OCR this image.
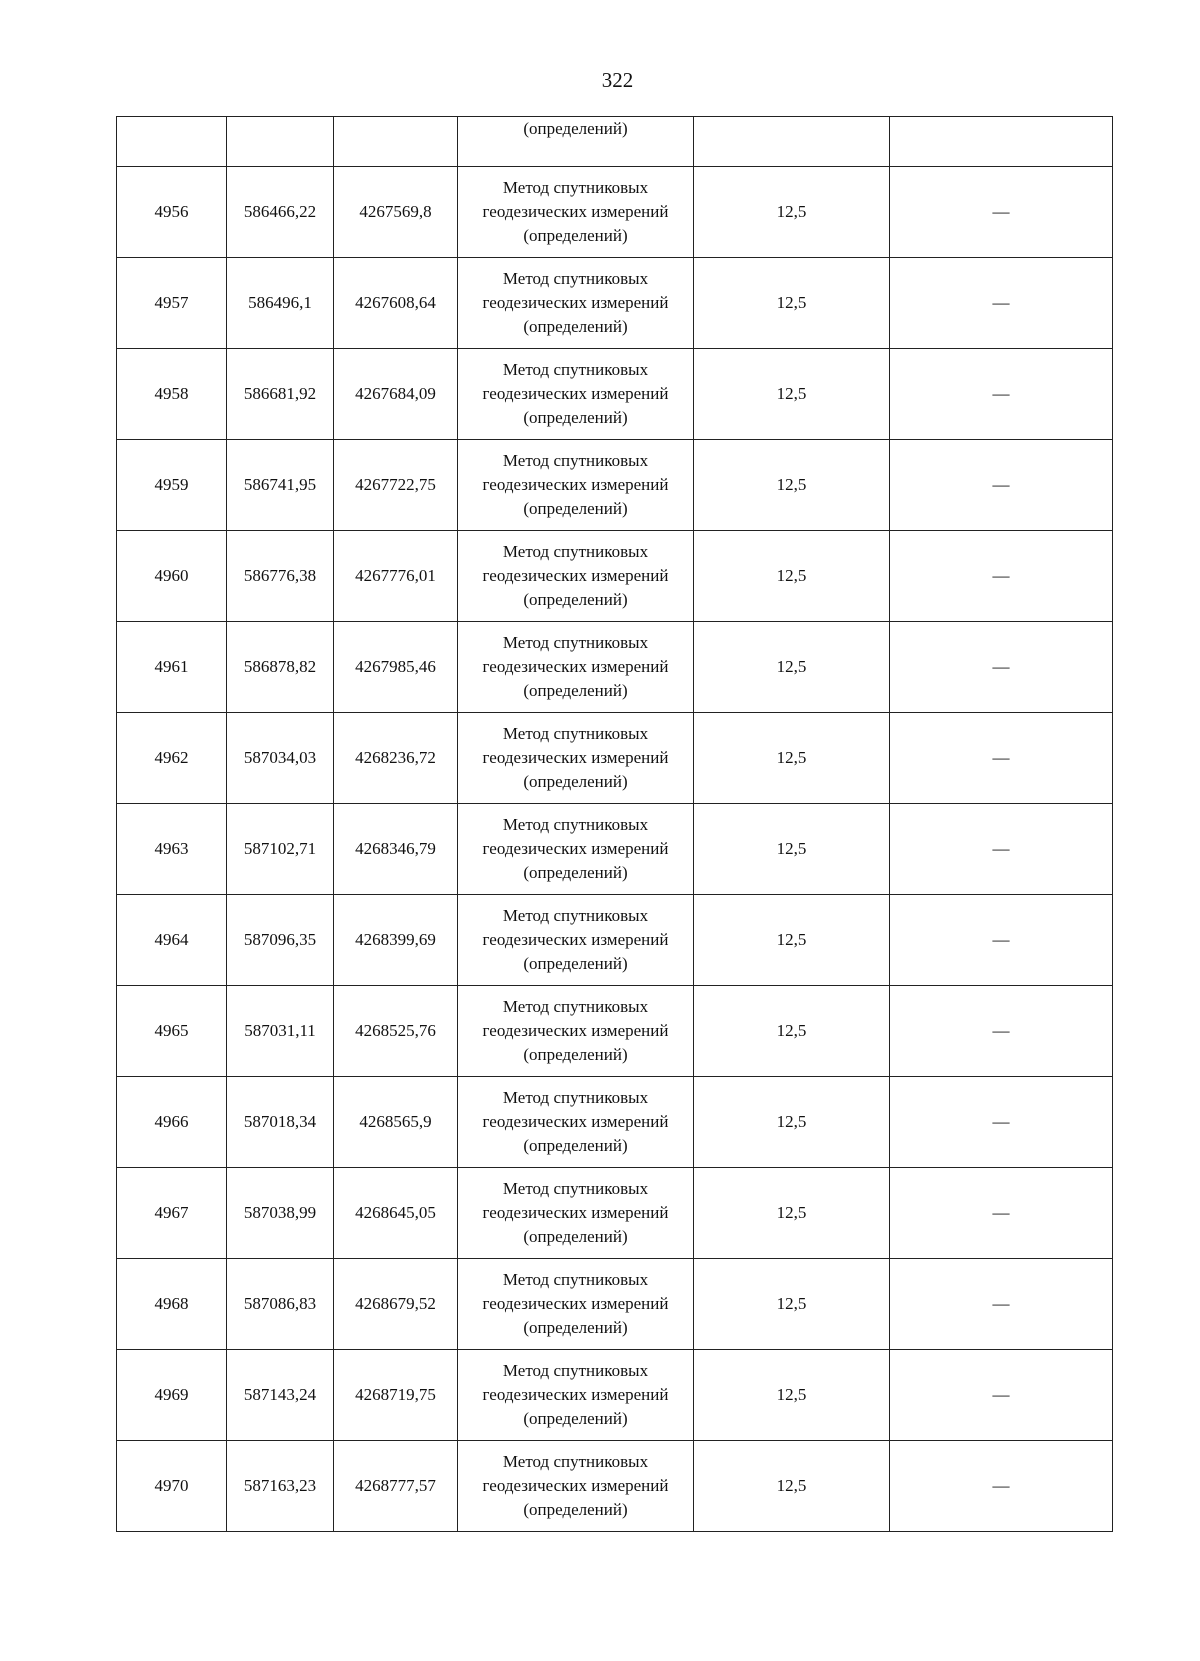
322
			(определений)		
4956	586466,22	4267569,8	Метод спутниковых
геодезических измерений
(определений)	12,5	—
4957	586496,1	4267608,64	Метод спутниковых
геодезических измерений
(определений)	12,5	—
4958	586681,92	4267684,09	Метод спутниковых
геодезических измерений
(определений)	12,5	—
4959	586741,95	4267722,75	Метод спутниковых
геодезических измерений
(определений)	12,5	—
4960	586776,38	4267776,01	Метод спутниковых
геодезических измерений
(определений)	12,5	—
4961	586878,82	4267985,46	Метод спутниковых
геодезических измерений
(определений)	12,5	—
4962	587034,03	4268236,72	Метод спутниковых
геодезических измерений
(определений)	12,5	—
4963	587102,71	4268346,79	Метод спутниковых
геодезических измерений
(определений)	12,5	—
4964	587096,35	4268399,69	Метод спутниковых
геодезических измерений
(определений)	12,5	—
4965	587031,11	4268525,76	Метод спутниковых
геодезических измерений
(определений)	12,5	—
4966	587018,34	4268565,9	Метод спутниковых
геодезических измерений
(определений)	12,5	—
4967	587038,99	4268645,05	Метод спутниковых
геодезических измерений
(определений)	12,5	—
4968	587086,83	4268679,52	Метод спутниковых
геодезических измерений
(определений)	12,5	—
4969	587143,24	4268719,75	Метод спутниковых
геодезических измерений
(определений)	12,5	—
4970	587163,23	4268777,57	Метод спутниковых
геодезических измерений
(определений)	12,5	—
